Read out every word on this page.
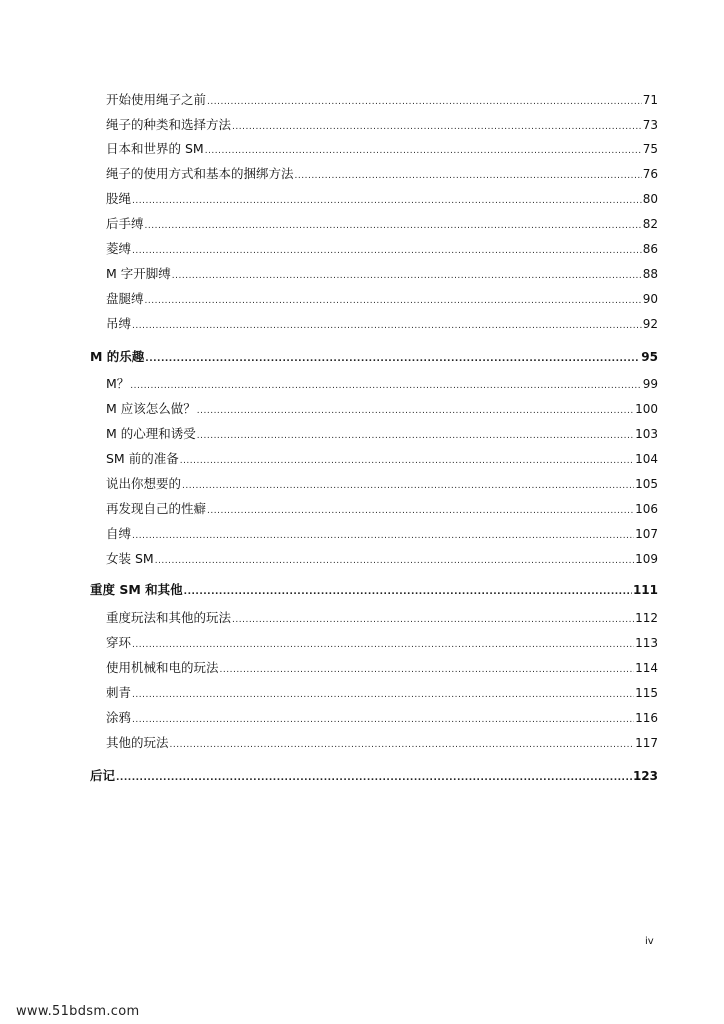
开始使用绳子之前 .....	71
绳子的种类和选择方法 .....	73
日本和世界的 SM .....	75
绳子的使用方式和基本的捆绑方法 .....	76
股绳 .....	80
后手缚 .....	82
菱缚 .....	86
M 字开脚缚 .....	88
盘腿缚 .....	90
吊缚 .....	92
M 的乐趣 .....	95
M？ .....	99
M 应该怎么做？ .....	100
M 的心理和诱受 .....	103
SM 前的准备 .....	104
说出你想要的 .....	105
再发现自己的性癖 .....	106
自缚 .....	107
女装 SM .....	109
重度 SM 和其他 .....	111
重度玩法和其他的玩法 .....	112
穿环 .....	113
使用机械和电的玩法 .....	114
刺青 .....	115
涂鸦 .....	116
其他的玩法 .....	117
后记 .....	123
iv
www.51bdsm.com
